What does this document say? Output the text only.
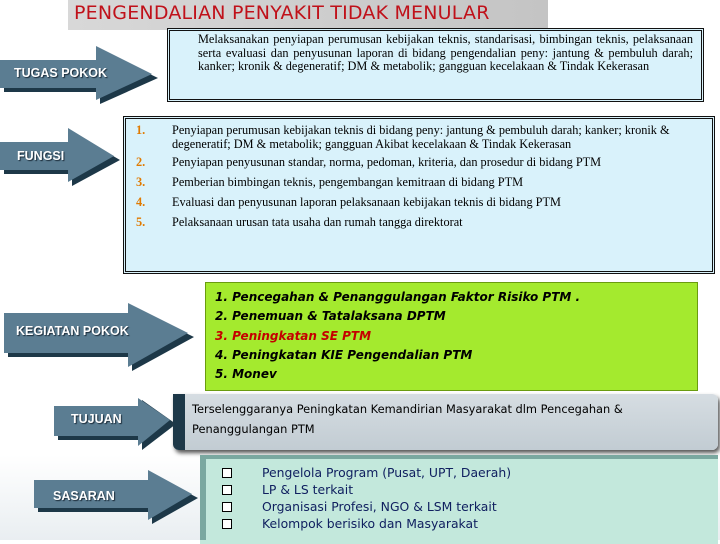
PENGENDALIAN PENYAKIT TIDAK MENULAR
TUGAS POKOK
FUNGSI
KEGIATAN POKOK
TUJUAN
SASARAN

Melaksanakan penyiapan perumusan kebijakan teknis, standarisasi, bimbingan teknis, pelaksanaan serta evaluasi dan penyusunan laporan di bidang pengendalian peny: jantung & pembuluh darah; kanker; kronik & degeneratif; DM & metabolik; gangguan kecelakaan & Tindak Kekerasan

1. Penyiapan perumusan kebijakan teknis di bidang peny: jantung & pembuluh darah; kanker; kronik & degeneratif; DM & metabolik; gangguan Akibat kecelakaan & Tindak Kekerasan
2. Penyiapan penyusunan standar, norma, pedoman, kriteria, dan prosedur di bidang PTM
3. Pemberian bimbingan teknis, pengembangan kemitraan di bidang PTM
4. Evaluasi dan penyusunan laporan pelaksanaan kebijakan teknis di bidang PTM
5. Pelaksanaan urusan tata usaha dan rumah tangga direktorat
1. Pencegahan & Penanggulangan Faktor Risiko PTM .
2. Penemuan & Tatalaksana DPTM
3. Peningkatan SE PTM
4. Peningkatan KIE Pengendalian PTM
5. Monev
Terselenggaranya Peningkatan Kemandirian Masyarakat dlm Pencegahan & Penanggulangan PTM
Pengelola Program (Pusat, UPT, Daerah)
LP & LS terkait
Organisasi Profesi, NGO & LSM terkait
Kelompok berisiko dan Masyarakat
